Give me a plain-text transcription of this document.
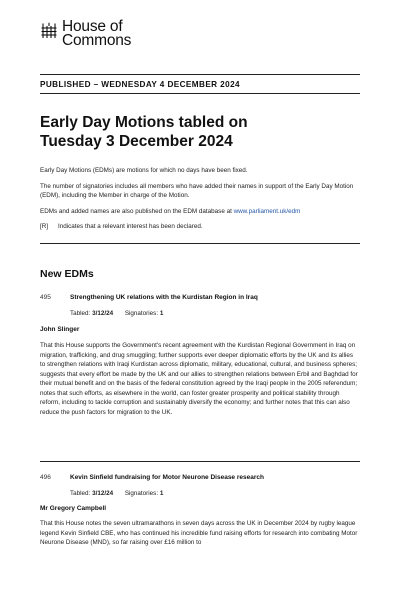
House of
Commons
PUBLISHED – WEDNESDAY 4 DECEMBER 2024
Early Day Motions tabled on
Tuesday 3 December 2024

Early Day Motions (EDMs) are motions for which no days have been fixed.

The number of signatories includes all members who have added their names in support of the Early Day Motion (EDM), including the Member in charge of the Motion.

EDMs and added names are also published on the EDM database at www.parliament.uk/edm

[R]	Indicates that a relevant interest has been declared.
New EDMs
495	Strengthening UK relations with the Kurdistan Region in Iraq
Tabled: 3/12/24 Signatories: 1
John Slinger

That this House supports the Government's recent agreement with the Kurdistan Regional Government in Iraq on migration, trafficking, and drug smuggling; further supports ever deeper diplomatic efforts by the UK and its allies to strengthen relations with Iraqi Kurdistan across diplomatic, military, educational, cultural, and business spheres; suggests that every effort be made by the UK and our allies to strengthen relations between Erbil and Baghdad for their mutual benefit and on the basis of the federal constitution agreed by the Iraqi people in the 2005 referendum; notes that such efforts, as elsewhere in the world, can foster greater prosperity and political stability through reform, including to tackle corruption and sustainably diversify the economy; and further notes that this can also reduce the push factors for migration to the UK.

496	Kevin Sinfield fundraising for Motor Neurone Disease research
Tabled: 3/12/24 Signatories: 1
Mr Gregory Campbell

That this House notes the seven ultramarathons in seven days across the UK in December 2024 by rugby league legend Kevin Sinfield CBE, who has continued his incredible fund raising efforts for research into combating Motor Neurone Disease (MND), so far raising over £16 million to
